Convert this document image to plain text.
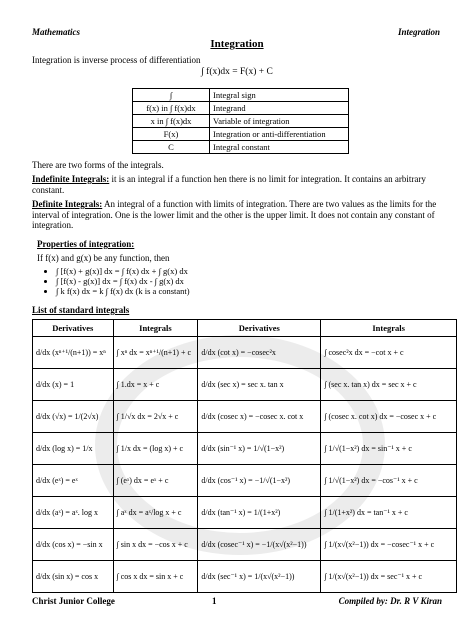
Mathematics	Integration
Integration
Integration is inverse process of differentiation
∫ f(x)dx = F(x) + C
∫	Integral sign
f(x) in ∫ f(x)dx	Integrand
x in ∫ f(x)dx	Variable of integration
F(x)	Integration or anti-differentiation
C	Integral constant
There are two forms of the integrals.
Indefinite Integrals: it is an integral if a function hen there is no limit for integration. It contains an arbitrary constant.
Definite Integrals: An integral of a function with limits of integration. There are two values as the limits for the interval of integration. One is the lower limit and the other is the upper limit. It does not contain any constant of integration.
Properties of integration:
If f(x) and g(x) be any function, then
• ∫ [f(x) + g(x)] dx = ∫ f(x) dx + ∫ g(x) dx
• ∫ [f(x) - g(x)] dx = ∫ f(x) dx - ∫ g(x) dx
• ∫ k f(x) dx = k ∫ f(x) dx (k is a constant)
List of standard integrals
Derivatives	Integrals	Derivatives	Integrals
d/dx (xⁿ⁺¹/(n+1)) = xⁿ	∫ xⁿ dx = xⁿ⁺¹/(n+1) + c	d/dx (cot x) = −cosec²x	∫ cosec²x dx = −cot x + c
d/dx (x) = 1	∫ 1.dx = x + c	d/dx (sec x) = sec x. tan x	∫ (sec x. tan x) dx = sec x + c
d/dx (√x) = 1/(2√x)	∫ 1/√x dx = 2√x + c	d/dx (cosec x) = −cosec x. cot x	∫ (cosec x. cot x) dx = −cosec x + c
d/dx (log x) = 1/x	∫ 1/x dx = (log x) + c	d/dx (sin⁻¹ x) = 1/√(1−x²)	∫ 1/√(1−x²) dx = sin⁻¹ x + c
d/dx (eˣ) = eˣ	∫ (eˣ) dx = eˣ + c	d/dx (cos⁻¹ x) = −1/√(1−x²)	∫ 1/√(1−x²) dx = −cos⁻¹ x + c
d/dx (aˣ) = aˣ. log x	∫ aˣ dx = aˣ/log x + c	d/dx (tan⁻¹ x) = 1/(1+x²)	∫ 1/(1+x²) dx = tan⁻¹ x + c
d/dx (cos x) = −sin x	∫ sin x dx = −cos x + c	d/dx (cosec⁻¹ x) = −1/(x√(x²−1))	∫ 1/(x√(x²−1)) dx = −cosec⁻¹ x + c
d/dx (sin x) = cos x	∫ cos x dx = sin x + c	d/dx (sec⁻¹ x) = 1/(x√(x²−1))	∫ 1/(x√(x²−1)) dx = sec⁻¹ x + c
Christ Junior College	1	Compiled by: Dr. R V Kiran
